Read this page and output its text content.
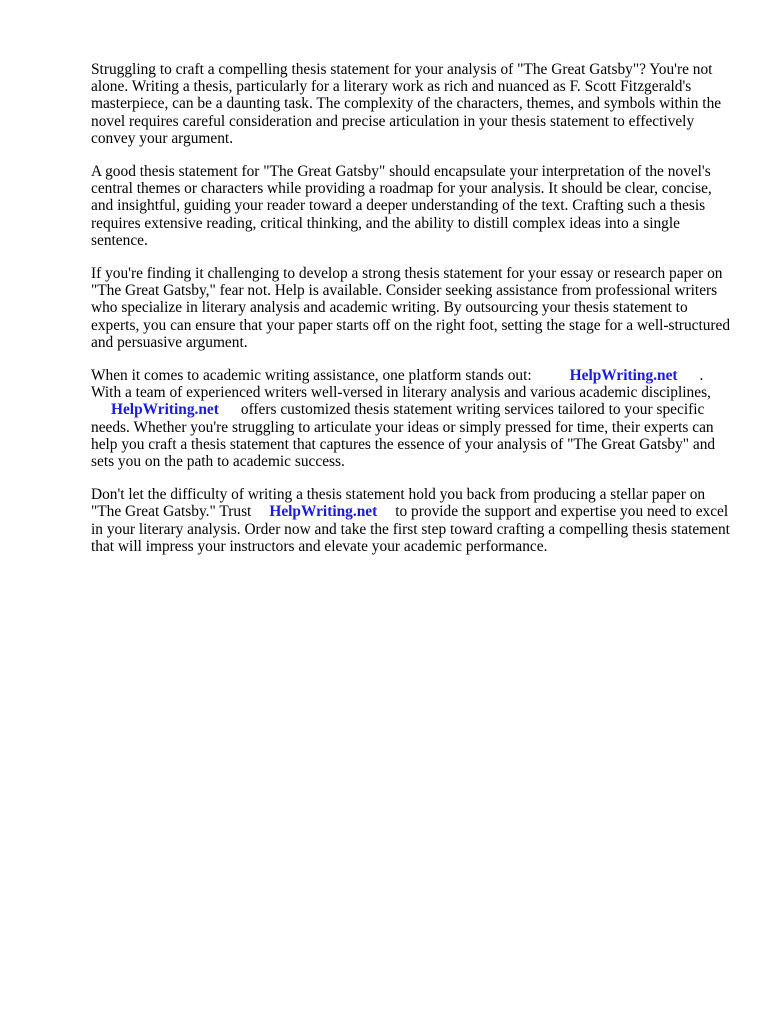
Struggling to craft a compelling thesis statement for your analysis of "The Great Gatsby"? You're not alone. Writing a thesis, particularly for a literary work as rich and nuanced as F. Scott Fitzgerald's masterpiece, can be a daunting task. The complexity of the characters, themes, and symbols within the novel requires careful consideration and precise articulation in your thesis statement to effectively convey your argument.

A good thesis statement for "The Great Gatsby" should encapsulate your interpretation of the novel's central themes or characters while providing a roadmap for your analysis. It should be clear, concise, and insightful, guiding your reader toward a deeper understanding of the text. Crafting such a thesis requires extensive reading, critical thinking, and the ability to distill complex ideas into a single sentence.

If you're finding it challenging to develop a strong thesis statement for your essay or research paper on "The Great Gatsby," fear not. Help is available. Consider seeking assistance from professional writers who specialize in literary analysis and academic writing. By outsourcing your thesis statement to experts, you can ensure that your paper starts off on the right foot, setting the stage for a well-structured and persuasive argument.

When it comes to academic writing assistance, one platform stands out: HelpWriting.net .
With a team of experienced writers well-versed in literary analysis and various academic disciplines,
HelpWriting.net offers customized thesis statement writing services tailored to your specific needs. Whether you're struggling to articulate your ideas or simply pressed for time, their experts can help you craft a thesis statement that captures the essence of your analysis of "The Great Gatsby" and sets you on the path to academic success.

Don't let the difficulty of writing a thesis statement hold you back from producing a stellar paper on "The Great Gatsby." Trust HelpWriting.net to provide the support and expertise you need to excel in your literary analysis. Order now and take the first step toward crafting a compelling thesis statement that will impress your instructors and elevate your academic performance.
